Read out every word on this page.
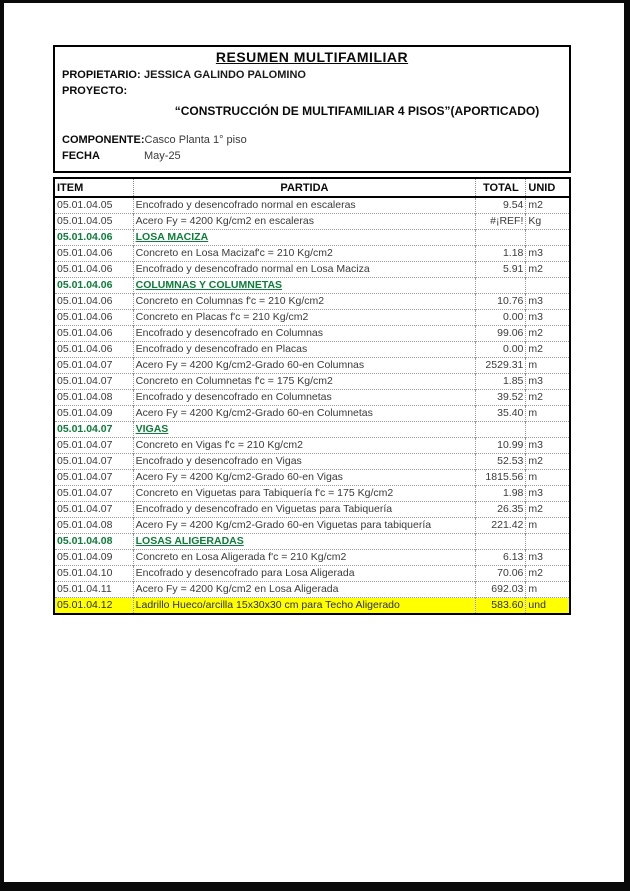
RESUMEN MULTIFAMILIAR
PROPIETARIO: JESSICA GALINDO PALOMINO
PROYECTO:
“CONSTRUCCIÓN DE MULTIFAMILIAR 4 PISOS”(APORTICADO)
COMPONENTE: Casco Planta 1° piso
FECHA	May-25
ITEM	PARTIDA	TOTAL	UNID
05.01.04.05	Encofrado y desencofrado normal en escaleras	9.54	m2
05.01.04.05	Acero Fy = 4200 Kg/cm2 en escaleras	#¡REF!	Kg
05.01.04.06	LOSA MACIZA		
05.01.04.06	Concreto en Losa Macizaf'c = 210 Kg/cm2	1.18	m3
05.01.04.06	Encofrado y desencofrado normal en Losa Maciza	5.91	m2
05.01.04.06	COLUMNAS Y COLUMNETAS		
05.01.04.06	Concreto en Columnas f'c = 210 Kg/cm2	10.76	m3
05.01.04.06	Concreto en Placas f'c = 210 Kg/cm2	0.00	m3
05.01.04.06	Encofrado y desencofrado en Columnas	99.06	m2
05.01.04.06	Encofrado y desencofrado en Placas	0.00	m2
05.01.04.07	Acero Fy = 4200 Kg/cm2-Grado 60-en Columnas	2529.31	m
05.01.04.07	Concreto en Columnetas f'c = 175 Kg/cm2	1.85	m3
05.01.04.08	Encofrado y desencofrado en Columnetas	39.52	m2
05.01.04.09	Acero Fy = 4200 Kg/cm2-Grado 60-en Columnetas	35.40	m
05.01.04.07	VIGAS		
05.01.04.07	Concreto en Vigas f'c = 210 Kg/cm2	10.99	m3
05.01.04.07	Encofrado y desencofrado en Vigas	52.53	m2
05.01.04.07	Acero Fy = 4200 Kg/cm2-Grado 60-en Vigas	1815.56	m
05.01.04.07	Concreto en Viguetas para Tabiquería f'c = 175 Kg/cm2	1.98	m3
05.01.04.07	Encofrado y desencofrado en Viguetas para Tabiquería	26.35	m2
05.01.04.08	Acero Fy = 4200 Kg/cm2-Grado 60-en Viguetas para tabiquería	221.42	m
05.01.04.08	LOSAS ALIGERADAS		
05.01.04.09	Concreto en Losa Aligerada f'c = 210 Kg/cm2	6.13	m3
05.01.04.10	Encofrado y desencofrado para Losa Aligerada	70.06	m2
05.01.04.11	Acero Fy = 4200 Kg/cm2 en Losa Aligerada	692.03	m
05.01.04.12	Ladrillo Hueco/arcilla 15x30x30 cm para Techo Aligerado	583.60	und
